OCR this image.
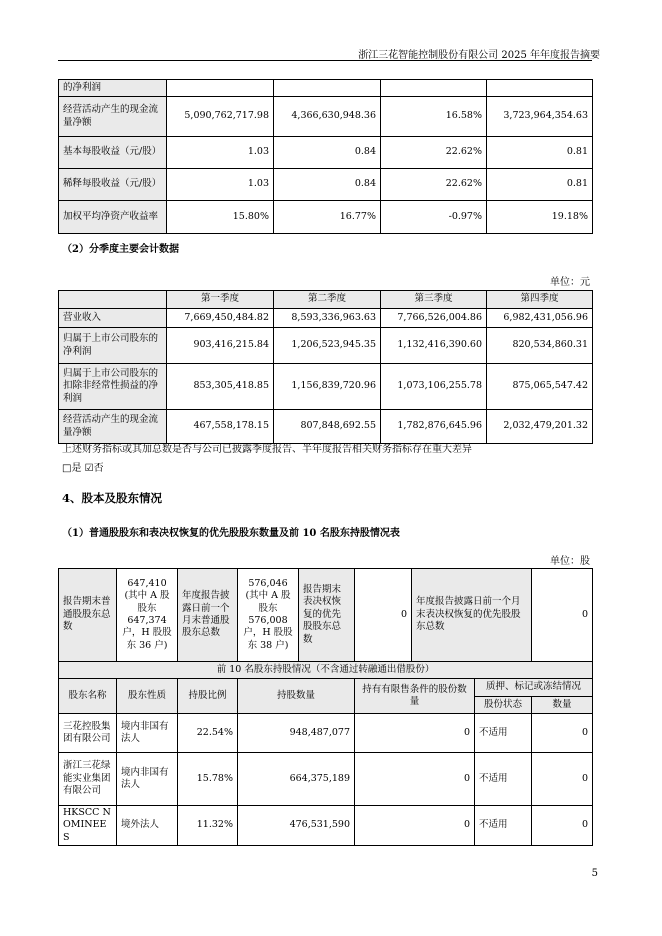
浙江三花智能控制股份有限公司 2025 年年度报告摘要
的净利润				
经营活动产生的现金流量净额	5,090,762,717.98	4,366,630,948.36	16.58%	3,723,964,354.63
基本每股收益（元/股）	1.03	0.84	22.62%	0.81
稀释每股收益（元/股）	1.03	0.84	22.62%	0.81
加权平均净资产收益率	15.80%	16.77%	-0.97%	19.18%
（2）分季度主要会计数据
单位：元
	第一季度	第二季度	第三季度	第四季度
营业收入	7,669,450,484.82	8,593,336,963.63	7,766,526,004.86	6,982,431,056.96
归属于上市公司股东的净利润	903,416,215.84	1,206,523,945.35	1,132,416,390.60	820,534,860.31
归属于上市公司股东的扣除非经常性损益的净利润	853,305,418.85	1,156,839,720.96	1,073,106,255.78	875,065,547.42
经营活动产生的现金流量净额	467,558,178.15	807,848,692.55	1,782,876,645.96	2,032,479,201.32
上述财务指标或其加总数是否与公司已披露季度报告、半年度报告相关财务指标存在重大差异
□是 ☑否
4、股本及股东情况
（1）普通股股东和表决权恢复的优先股股东数量及前 10 名股东持股情况表
单位：股
报告期末普通股股东总数	647,410 (其中 A 股股东 647,374 户，H 股股东 36 户)	年度报告披露日前一个月末普通股股东总数	576,046 (其中 A 股股东 576,008 户，H 股股东 38 户)	报告期末表决权恢复的优先股股东总数	0	年度报告披露日前一个月末表决权恢复的优先股股东总数		0
前 10 名股东持股情况（不含通过转融通出借股份）								
股东名称	股东性质	持股比例	持股数量		持有有限售条件的股份数量		质押、标记或冻结情况	
							股份状态	数量
三花控股集团有限公司	境内非国有法人	22.54%	948,487,077		0		不适用	0
浙江三花绿能实业集团有限公司	境内非国有法人	15.78%	664,375,189		0		不适用	0
HKSCC NOMINEES	境外法人	11.32%	476,531,590		0		不适用	0
5
